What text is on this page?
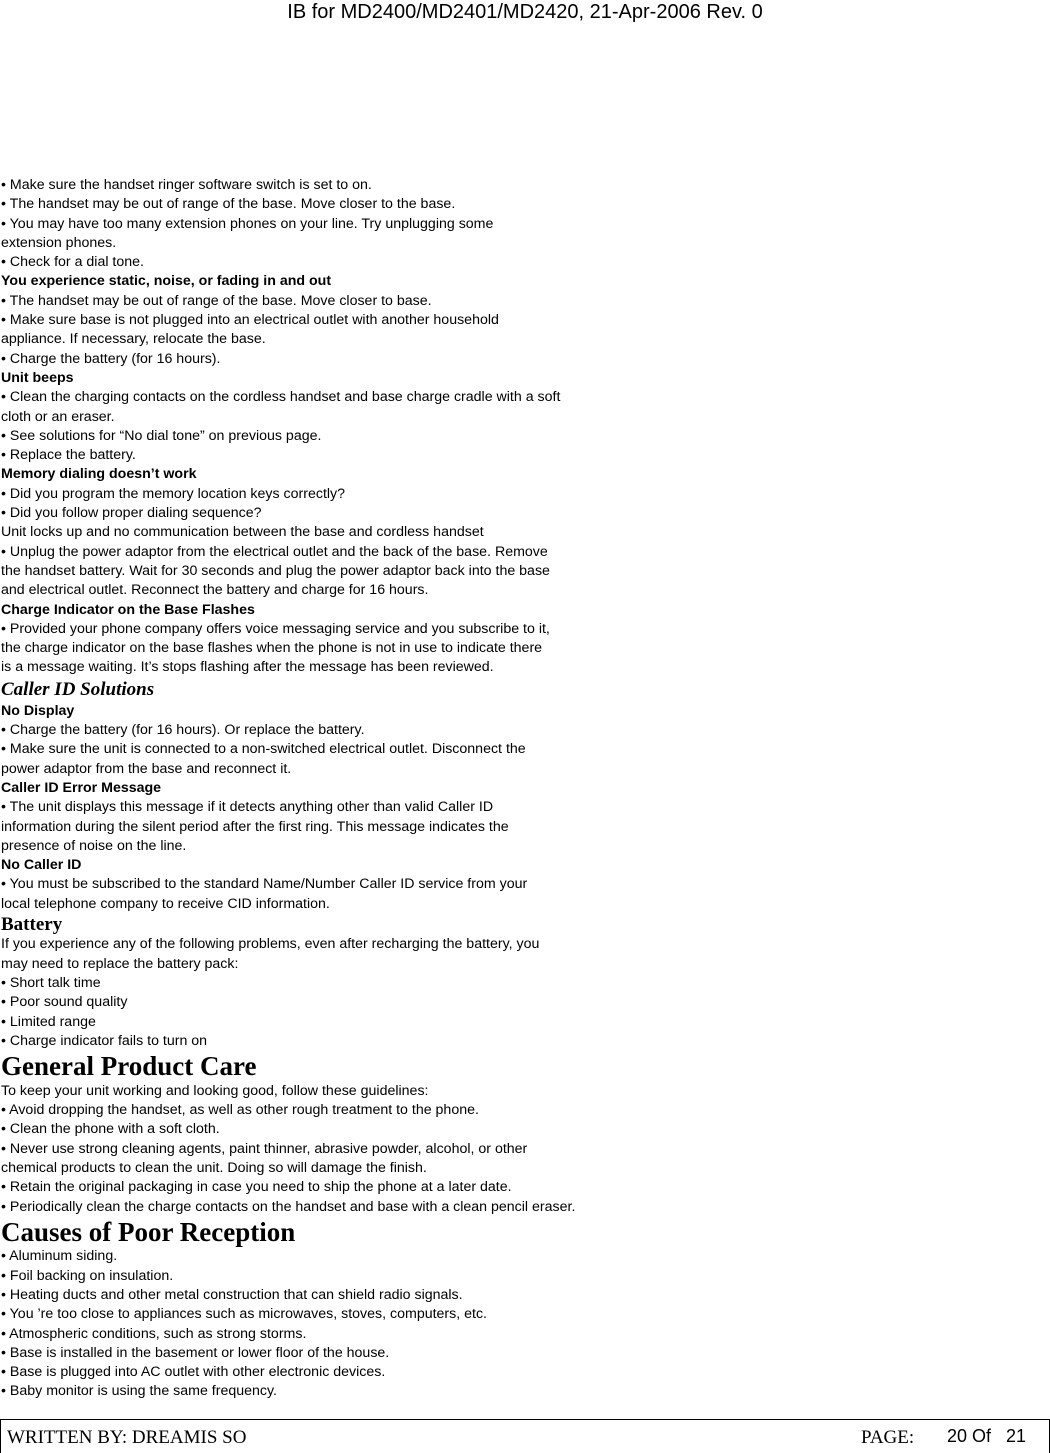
IB for MD2400/MD2401/MD2420, 21-Apr-2006 Rev. 0
• Make sure the handset ringer software switch is set to on.
• The handset may be out of range of the base. Move closer to the base.
• You may have too many extension phones on your line. Try unplugging some
extension phones.
• Check for a dial tone.
You experience static, noise, or fading in and out
• The handset may be out of range of the base. Move closer to base.
• Make sure base is not plugged into an electrical outlet with another household
appliance. If necessary, relocate the base.
• Charge the battery (for 16 hours).
Unit beeps
• Clean the charging contacts on the cordless handset and base charge cradle with a soft
cloth or an eraser.
• See solutions for “No dial tone” on previous page.
• Replace the battery.
Memory dialing doesn’t work
• Did you program the memory location keys correctly?
• Did you follow proper dialing sequence?
Unit locks up and no communication between the base and cordless handset
• Unplug the power adaptor from the electrical outlet and the back of the base. Remove
the handset battery. Wait for 30 seconds and plug the power adaptor back into the base
and electrical outlet. Reconnect the battery and charge for 16 hours.
Charge Indicator on the Base Flashes
• Provided your phone company offers voice messaging service and you subscribe to it,
the charge indicator on the base flashes when the phone is not in use to indicate there
is a message waiting. It’s stops flashing after the message has been reviewed.
Caller ID Solutions
No Display
• Charge the battery (for 16 hours). Or replace the battery.
• Make sure the unit is connected to a non-switched electrical outlet. Disconnect the
power adaptor from the base and reconnect it.
Caller ID Error Message
• The unit displays this message if it detects anything other than valid Caller ID
information during the silent period after the first ring. This message indicates the
presence of noise on the line.
No Caller ID
• You must be subscribed to the standard Name/Number Caller ID service from your
local telephone company to receive CID information.
Battery
If you experience any of the following problems, even after recharging the battery, you
may need to replace the battery pack:
• Short talk time
• Poor sound quality
• Limited range
• Charge indicator fails to turn on
General Product Care
To keep your unit working and looking good, follow these guidelines:
• Avoid dropping the handset, as well as other rough treatment to the phone.
• Clean the phone with a soft cloth.
• Never use strong cleaning agents, paint thinner, abrasive powder, alcohol, or other
chemical products to clean the unit. Doing so will damage the finish.
• Retain the original packaging in case you need to ship the phone at a later date.
• Periodically clean the charge contacts on the handset and base with a clean pencil eraser.
Causes of Poor Reception
• Aluminum siding.
• Foil backing on insulation.
• Heating ducts and other metal construction that can shield radio signals.
• You ’re too close to appliances such as microwaves, stoves, computers, etc.
• Atmospheric conditions, such as strong storms.
• Base is installed in the basement or lower floor of the house.
• Base is plugged into AC outlet with other electronic devices.
• Baby monitor is using the same frequency.
WRITTEN BY: DREAMIS SO	PAGE: 20 Of   21
